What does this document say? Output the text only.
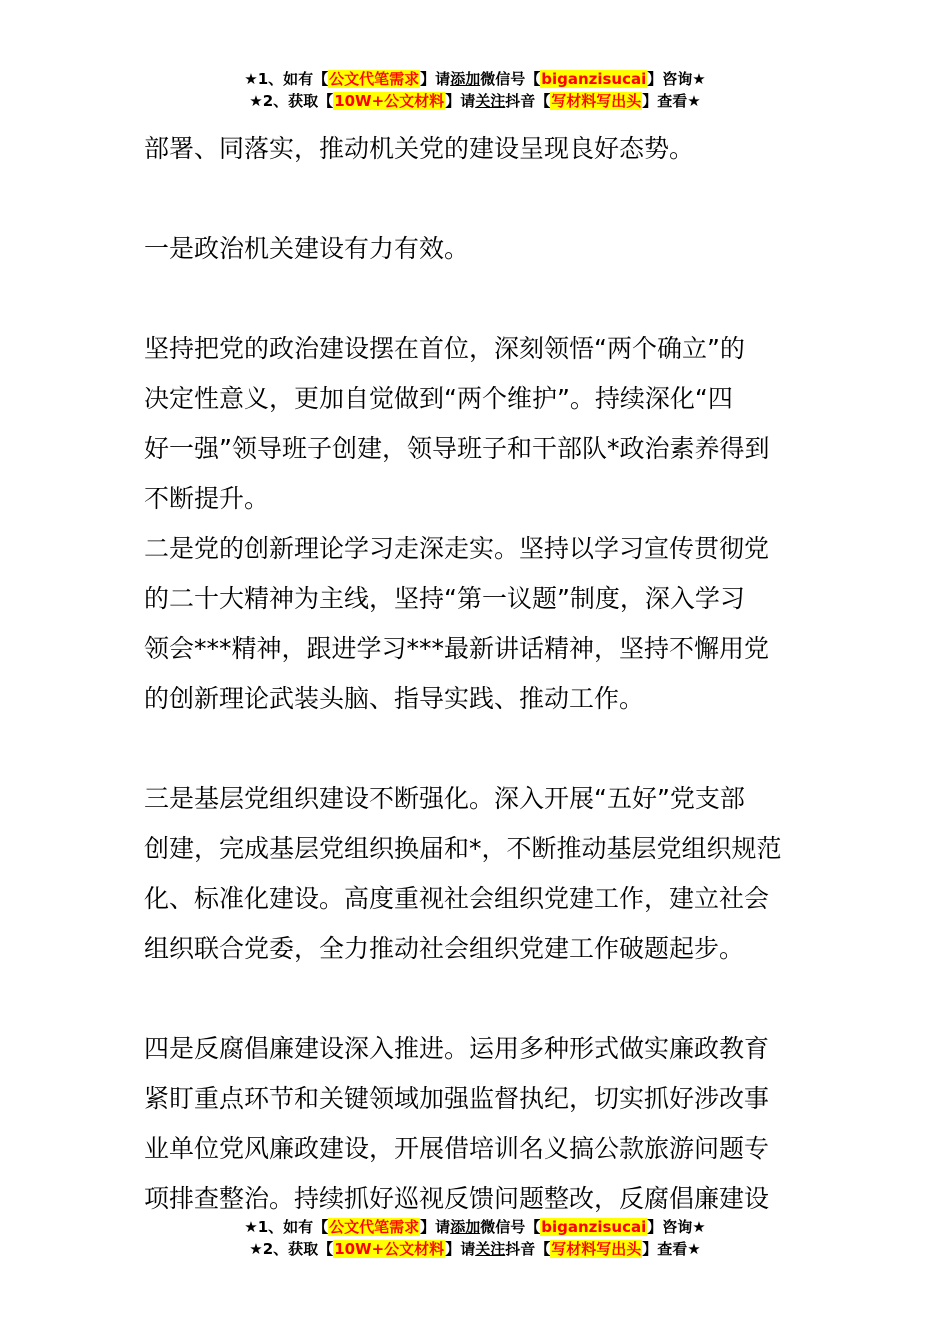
★1、如有【公文代笔需求】请添加微信号【biganzisucai】咨询★
★2、获取【10W+公文材料】请关注抖音【写材料写出头】查看★

部署、同落实，推动机关党的建设呈现良好态势。

一是政治机关建设有力有效。

坚持把党的政治建设摆在首位，深刻领悟“两个确立”的

决定性意义，更加自觉做到“两个维护”。持续深化“四

好一强”领导班子创建，领导班子和干部队*政治素养得到

不断提升。

二是党的创新理论学习走深走实。坚持以学习宣传贯彻党

的二十大精神为主线，坚持“第一议题”制度，深入学习

领会***精神，跟进学习***最新讲话精神，坚持不懈用党

的创新理论武装头脑、指导实践、推动工作。

三是基层党组织建设不断强化。深入开展“五好”党支部

创建，完成基层党组织换届和*，不断推动基层党组织规范

化、标准化建设。高度重视社会组织党建工作，建立社会

组织联合党委，全力推动社会组织党建工作破题起步。

四是反腐倡廉建设深入推进。运用多种形式做实廉政教育

紧盯重点环节和关键领域加强监督执纪，切实抓好涉改事

业单位党风廉政建设，开展借培训名义搞公款旅游问题专

项排查整治。持续抓好巡视反馈问题整改，反腐倡廉建设

★1、如有【公文代笔需求】请添加微信号【biganzisucai】咨询★
★2、获取【10W+公文材料】请关注抖音【写材料写出头】查看★
